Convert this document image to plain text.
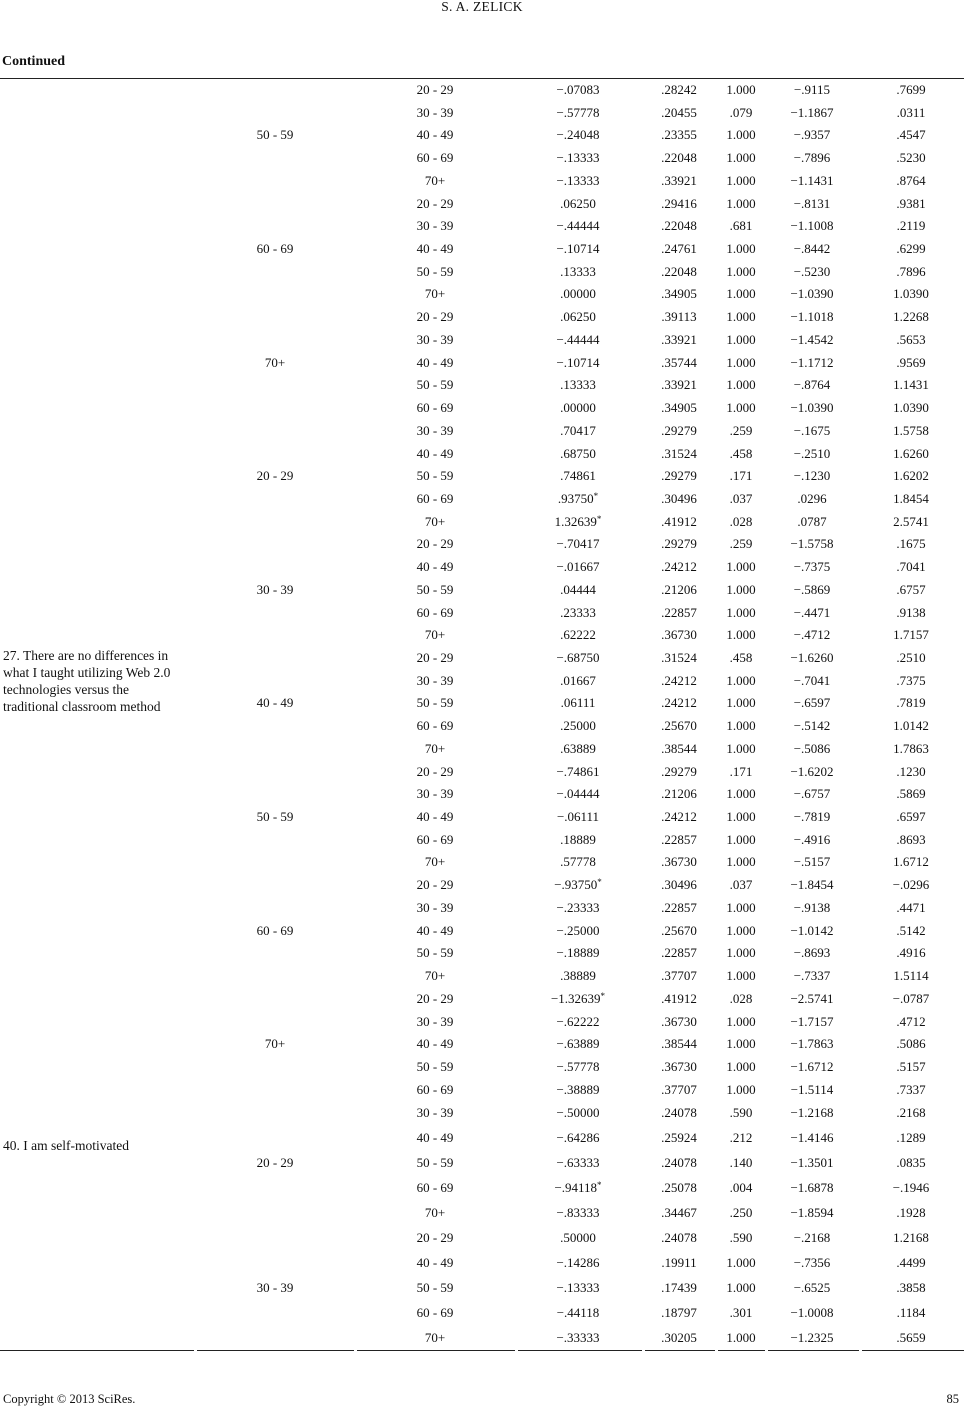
S. A. ZELICK
Continued
27. There are no differences in
what I taught utilizing Web 2.0
technologies versus the
traditional classroom method
50 - 59
20 - 29	−.07083	.28242 1.000	−.9115	.7699
30 - 39	−.57778	.20455	.079	−1.1867	.0311
40 - 49	−.24048	.23355 1.000	−.9357	.4547
60 - 69	−.13333	.22048 1.000	−.7896	.5230
70+	−.13333	.33921 1.000	−1.1431	.8764
60 - 69
20 - 29	.06250	.29416 1.000	−.8131	.9381
30 - 39	−.44444	.22048	.681	−1.1008	.2119
40 - 49	−.10714	.24761 1.000	−.8442	.6299
50 - 59	.13333	.22048 1.000	−.5230	.7896
70+	.00000	.34905 1.000	−1.0390	1.0390
70+
20 - 29	.06250	.39113 1.000	−1.1018	1.2268
30 - 39	−.44444	.33921 1.000	−1.4542	.5653
40 - 49	−.10714	.35744 1.000	−1.1712	.9569
50 - 59	.13333	.33921 1.000	−.8764	1.1431
60 - 69	.00000	.34905 1.000	−1.0390	1.0390
20 - 29
30 - 39	.70417	.29279	.259	−.1675	1.5758
40 - 49	.68750	.31524	.458	−.2510	1.6260
50 - 59	.74861	.29279	.171	−.1230	1.6202
60 - 69	.93750*	.30496	.037	.0296	1.8454
70+	1.32639*	.41912	.028	.0787	2.5741
30 - 39
20 - 29	−.70417	.29279	.259	−1.5758	.1675
40 - 49	−.01667	.24212 1.000	−.7375	.7041
50 - 59	.04444	.21206 1.000	−.5869	.6757
60 - 69	.23333	.22857 1.000	−.4471	.9138
70+	.62222	.36730 1.000	−.4712	1.7157
40 - 49
20 - 29	−.68750	.31524	.458	−1.6260	.2510
30 - 39	.01667	.24212 1.000	−.7041	.7375
50 - 59	.06111	.24212 1.000	−.6597	.7819
60 - 69	.25000	.25670 1.000	−.5142	1.0142
70+	.63889	.38544 1.000	−.5086	1.7863
50 - 59
20 - 29	−.74861	.29279	.171	−1.6202	.1230
30 - 39	−.04444	.21206 1.000	−.6757	.5869
40 - 49	−.06111	.24212 1.000	−.7819	.6597
60 - 69	.18889	.22857 1.000	−.4916	.8693
70+	.57778	.36730 1.000	−.5157	1.6712
60 - 69
20 - 29	−.93750*	.30496	.037	−1.8454	−.0296
30 - 39	−.23333	.22857 1.000	−.9138	.4471
40 - 49	−.25000	.25670 1.000	−1.0142	.5142
50 - 59	−.18889	.22857 1.000	−.8693	.4916
70+	.38889	.37707 1.000	−.7337	1.5114
70+
20 - 29	−1.32639*	.41912	.028	−2.5741	−.0787
30 - 39	−.62222	.36730 1.000	−1.7157	.4712
40 - 49	−.63889	.38544 1.000	−1.7863	.5086
50 - 59	−.57778	.36730 1.000	−1.6712	.5157
60 - 69	−.38889	.37707 1.000	−1.5114	.7337
40. I am self-motivated
20 - 29
30 - 39	−.50000	.24078	.590	−1.2168	.2168
40 - 49	−.64286	.25924	.212	−1.4146	.1289
50 - 59	−.63333	.24078	.140	−1.3501	.0835
60 - 69	−.94118*	.25078	.004	−1.6878	−.1946
70+	−.83333	.34467	.250	−1.8594	.1928
30 - 39
20 - 29	.50000	.24078	.590	−.2168	1.2168
40 - 49	−.14286	.19911 1.000	−.7356	.4499
50 - 59	−.13333	.17439 1.000	−.6525	.3858
60 - 69	−.44118	.18797	.301	−1.0008	.1184
70+	−.33333	.30205 1.000	−1.2325	.5659
Copyright © 2013 SciRes.	85
